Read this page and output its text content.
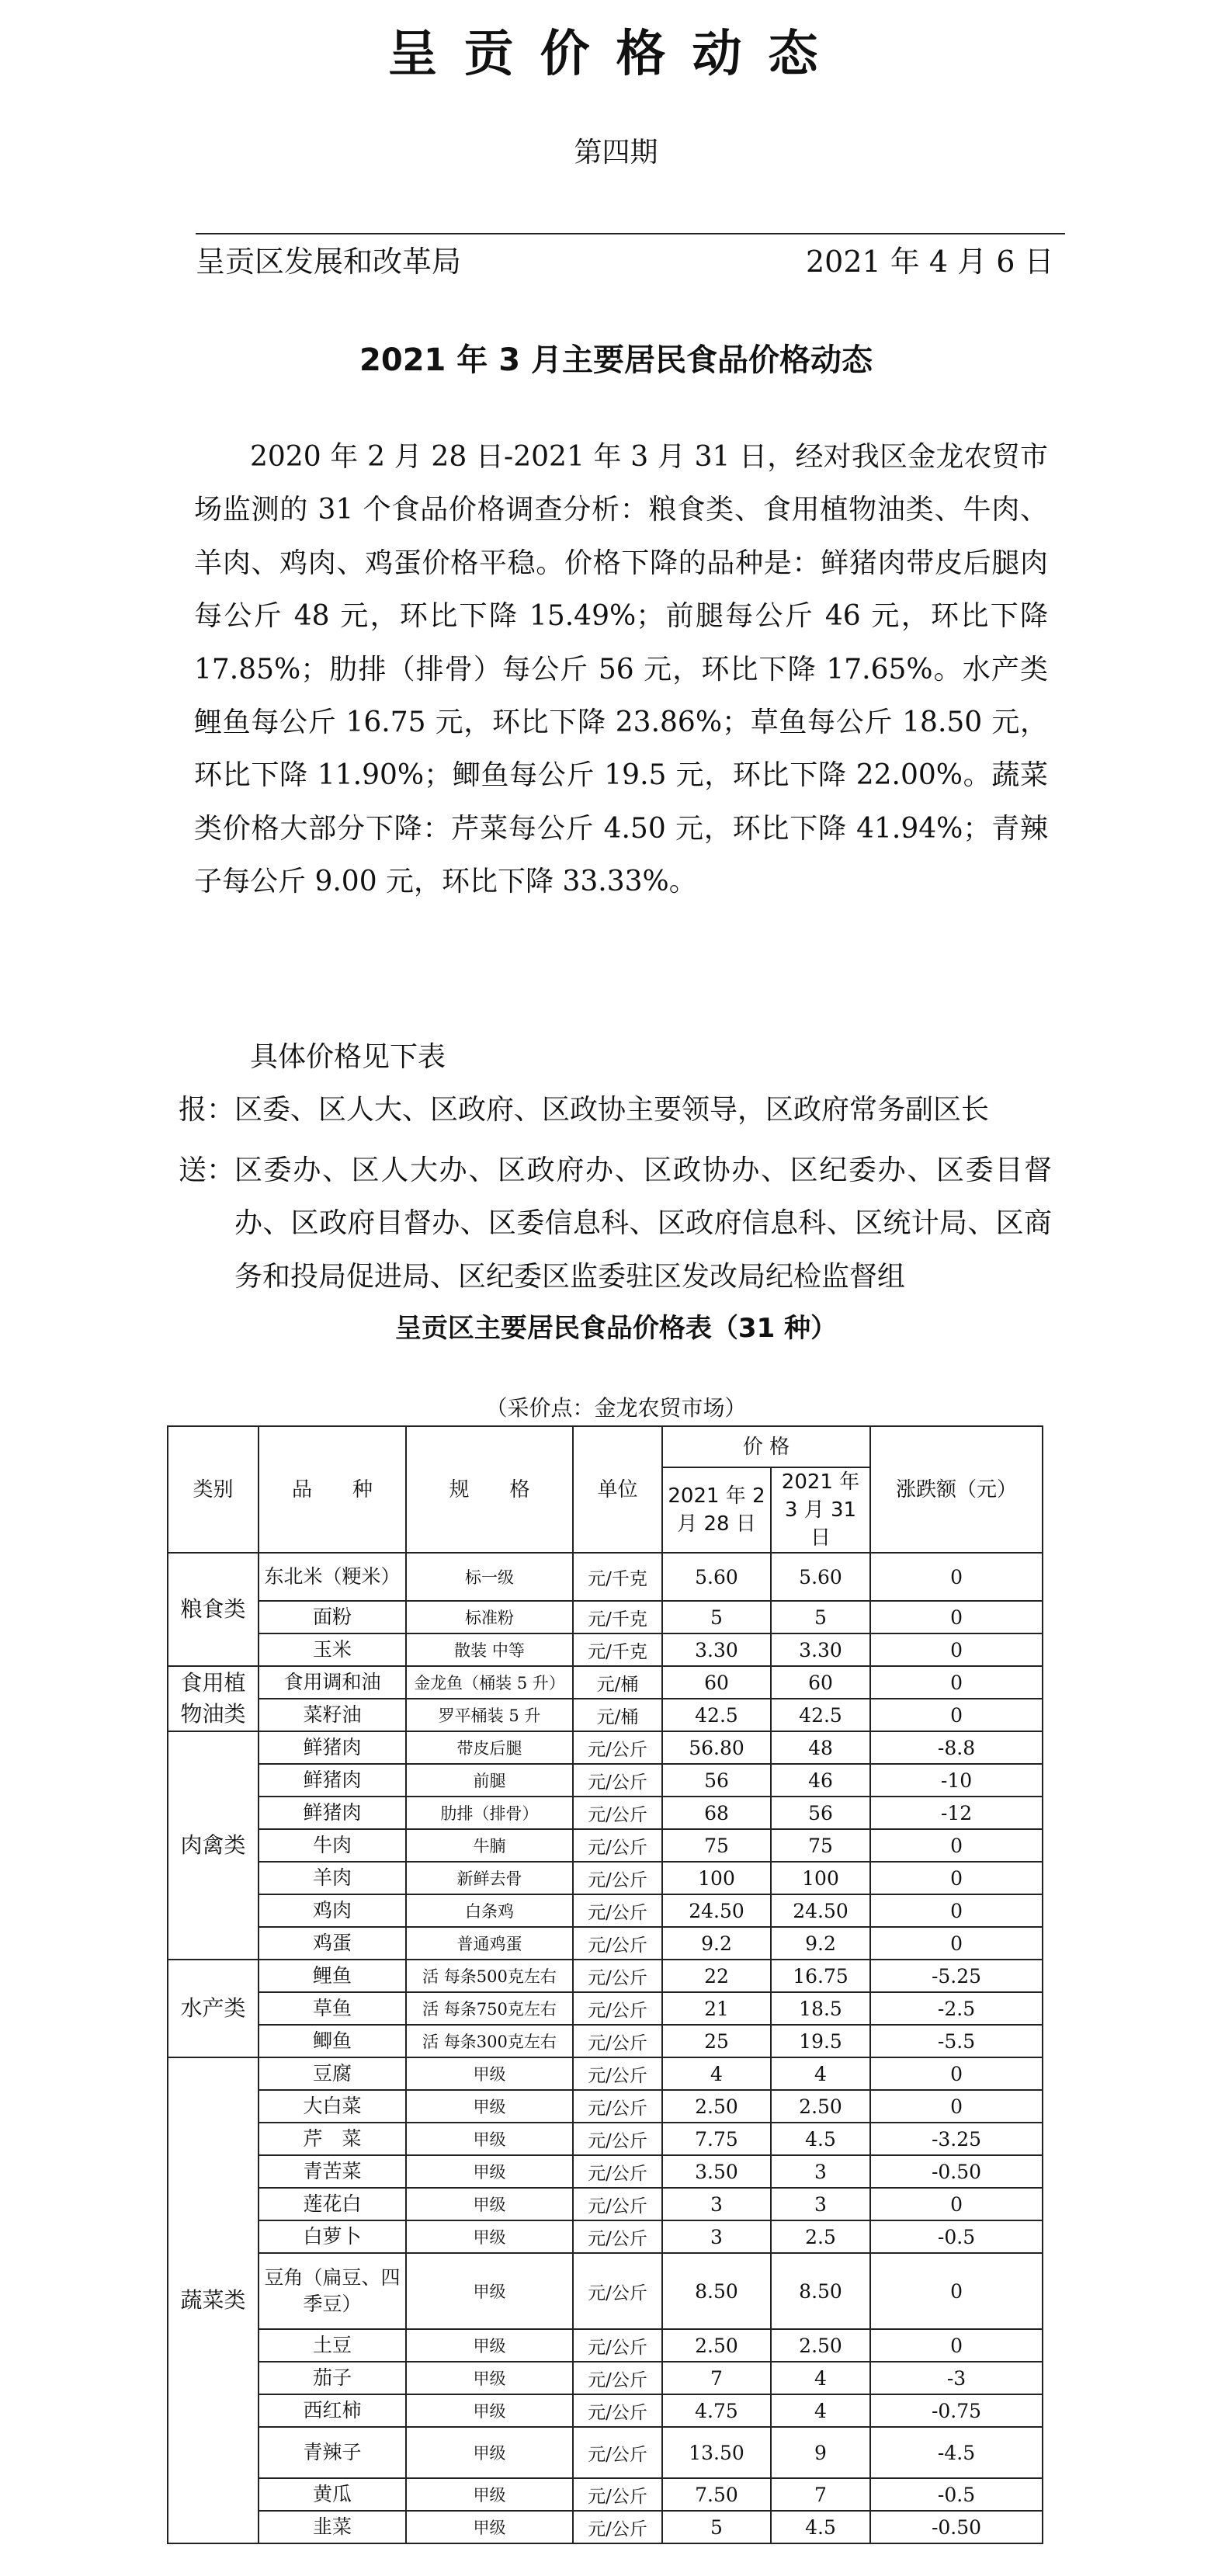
呈贡价格动态
第四期
呈贡区发展和改革局	2021 年 4 月 6 日
2021 年 3 月主要居民食品价格动态
2020 年 2 月 28 日-2021 年 3 月 31 日，经对我区金龙农贸市场监测的 31 个食品价格调查分析：粮食类、食用植物油类、牛肉、羊肉、鸡肉、鸡蛋价格平稳。价格下降的品种是：鲜猪肉带皮后腿肉每公斤 48 元，环比下降 15.49%；前腿每公斤 46 元，环比下降 17.85%；肋排（排骨）每公斤 56 元，环比下降 17.65%。水产类鲤鱼每公斤 16.75 元，环比下降 23.86%；草鱼每公斤 18.50 元，环比下降 11.90%；鲫鱼每公斤 19.5 元，环比下降 22.00%。蔬菜类价格大部分下降：芹菜每公斤 4.50 元，环比下降 41.94%；青辣子每公斤 9.00 元，环比下降 33.33%。
具体价格见下表
报： 区委、区人大、区政府、区政协主要领导，区政府常务副区长
送： 区委办、区人大办、区政府办、区政协办、区纪委办、区委目督办、区政府目督办、区委信息科、区政府信息科、区统计局、区商务和投局促进局、区纪委区监委驻区发改局纪检监督组
呈贡区主要居民食品价格表（31 种）
（采价点：金龙农贸市场）
类别	品　　种	规　　格	单位	价 格		涨跌额（元）
				2021 年 2 月 28 日	2021 年 3 月 31 日	
粮食类	东北米（粳米）	标一级	元/千克	5.60	5.60	0
	面粉	标准粉	元/千克	5	5	0
	玉米	散装 中等	元/千克	3.30	3.30	0
食用植物油类	食用调和油	金龙鱼（桶装 5 升）	元/桶	60	60	0
	菜籽油	罗平桶装 5 升	元/桶	42.5	42.5	0
肉禽类	鲜猪肉	带皮后腿	元/公斤	56.80	48	-8.8
	鲜猪肉	前腿	元/公斤	56	46	-10
	鲜猪肉	肋排（排骨）	元/公斤	68	56	-12
	牛肉	牛腩	元/公斤	75	75	0
	羊肉	新鲜去骨	元/公斤	100	100	0
	鸡肉	白条鸡	元/公斤	24.50	24.50	0
	鸡蛋	普通鸡蛋	元/公斤	9.2	9.2	0
水产类	鲤鱼	活 每条500克左右	元/公斤	22	16.75	-5.25
	草鱼	活 每条750克左右	元/公斤	21	18.5	-2.5
	鲫鱼	活 每条300克左右	元/公斤	25	19.5	-5.5
蔬菜类	豆腐	甲级	元/公斤	4	4	0
	大白菜	甲级	元/公斤	2.50	2.50	0
	芹　菜	甲级	元/公斤	7.75	4.5	-3.25
	青苦菜	甲级	元/公斤	3.50	3	-0.50
	莲花白	甲级	元/公斤	3	3	0
	白萝卜	甲级	元/公斤	3	2.5	-0.5
	豆角（扁豆、四季豆）	甲级	元/公斤	8.50	8.50	0
	土豆	甲级	元/公斤	2.50	2.50	0
	茄子	甲级	元/公斤	7	4	-3
	西红柿	甲级	元/公斤	4.75	4	-0.75
	青辣子	甲级	元/公斤	13.50	9	-4.5
	黄瓜	甲级	元/公斤	7.50	7	-0.5
	韭菜	甲级	元/公斤	5	4.5	-0.50
